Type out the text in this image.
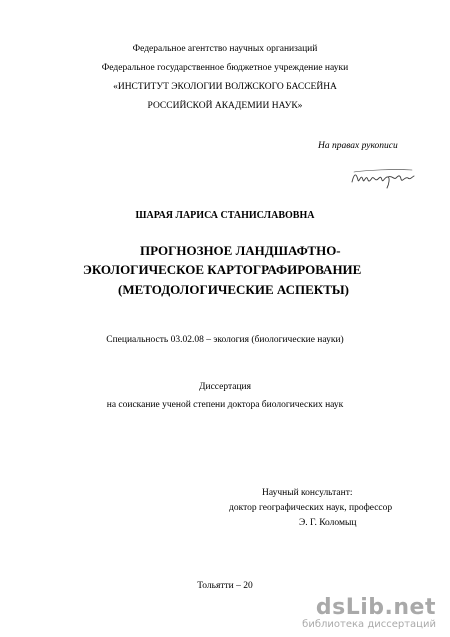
Федеральное агентство научных организаций
Федеральное государственное бюджетное учреждение науки
«ИНСТИТУТ ЭКОЛОГИИ ВОЛЖСКОГО БАССЕЙНА
РОССИЙСКОЙ АКАДЕМИИ НАУК»
На правах рукописи
ШАРАЯ ЛАРИСА СТАНИСЛАВОВНА
ПРОГНОЗНОЕ ЛАНДШАФТНО-
ЭКОЛОГИЧЕСКОЕ КАРТОГРАФИРОВАНИЕ
(МЕТОДОЛОГИЧЕСКИЕ АСПЕКТЫ)
Специальность 03.02.08 – экология (биологические науки)
Диссертация
на соискание ученой степени доктора биологических наук
Научный консультант:
доктор географических наук, профессор
Э. Г. Коломыц
Тольятти – 20
dsLib.net
библиотека диссертаций
